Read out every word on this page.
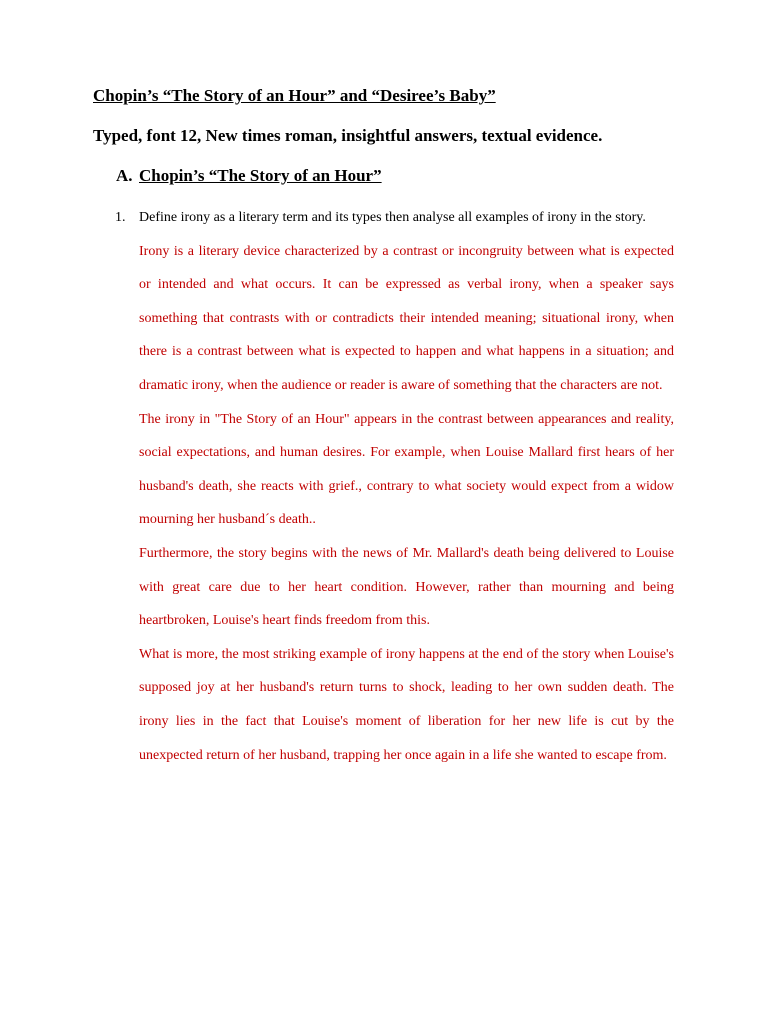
Chopin’s “The Story of an Hour” and “Desiree’s Baby”
Typed, font 12, New times roman, insightful answers, textual evidence.
A. Chopin’s “The Story of an Hour”

1. Define irony as a literary term and its types then analyse all examples of irony in the story.

Irony is a literary device characterized by a contrast or incongruity between what is expected or intended and what occurs. It can be expressed as verbal irony, when a speaker says something that contrasts with or contradicts their intended meaning; situational irony, when there is a contrast between what is expected to happen and what happens in a situation; and dramatic irony, when the audience or reader is aware of something that the characters are not.

The irony in "The Story of an Hour" appears in the contrast between appearances and reality, social expectations, and human desires. For example, when Louise Mallard first hears of her husband's death, she reacts with grief., contrary to what society would expect from a widow mourning her husband´s death..

Furthermore, the story begins with the news of Mr. Mallard's death being delivered to Louise with great care due to her heart condition. However, rather than mourning and being heartbroken, Louise's heart finds freedom from this.

What is more, the most striking example of irony happens at the end of the story when Louise's supposed joy at her husband's return turns to shock, leading to her own sudden death. The irony lies in the fact that Louise's moment of liberation for her new life is cut by the unexpected return of her husband, trapping her once again in a life she wanted to escape from.
